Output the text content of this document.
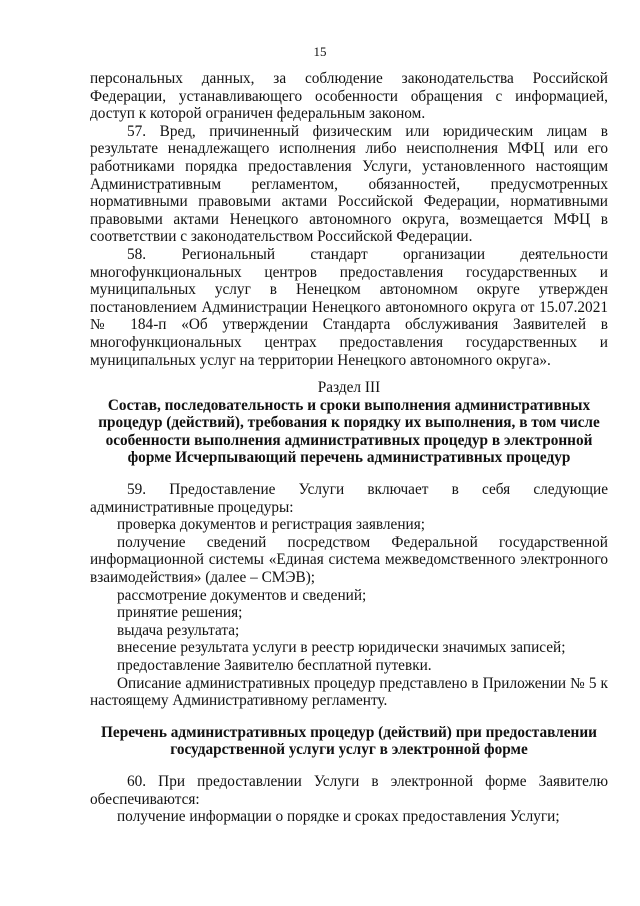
15
персональных данных, за соблюдение законодательства Российской Федерации, устанавливающего особенности обращения с информацией, доступ к которой ограничен федеральным законом.
57. Вред, причиненный физическим или юридическим лицам в результате ненадлежащего исполнения либо неисполнения МФЦ или его работниками порядка предоставления Услуги, установленного настоящим Административным регламентом, обязанностей, предусмотренных нормативными правовыми актами Российской Федерации, нормативными правовыми актами Ненецкого автономного округа, возмещается МФЦ в соответствии с законодательством Российской Федерации.
58. Региональный стандарт организации деятельности многофункциональных центров предоставления государственных и муниципальных услуг в Ненецком автономном округе утвержден постановлением Администрации Ненецкого автономного округа от 15.07.2021 № 184-п «Об утверждении Стандарта обслуживания Заявителей в многофункциональных центрах предоставления государственных и муниципальных услуг на территории Ненецкого автономного округа».
Раздел III
Состав, последовательность и сроки выполнения административных процедур (действий), требования к порядку их выполнения, в том числе особенности выполнения административных процедур в электронной форме Исчерпывающий перечень административных процедур
59. Предоставление Услуги включает в себя следующие административные процедуры:
проверка документов и регистрация заявления;
получение сведений посредством Федеральной государственной информационной системы «Единая система межведомственного электронного взаимодействия» (далее – СМЭВ);
рассмотрение документов и сведений;
принятие решения;
выдача результата;
внесение результата услуги в реестр юридически значимых записей;
предоставление Заявителю бесплатной путевки.
Описание административных процедур представлено в Приложении № 5 к настоящему Административному регламенту.
Перечень административных процедур (действий) при предоставлении государственной услуги услуг в электронной форме
60. При предоставлении Услуги в электронной форме Заявителю обеспечиваются:
получение информации о порядке и сроках предоставления Услуги;
